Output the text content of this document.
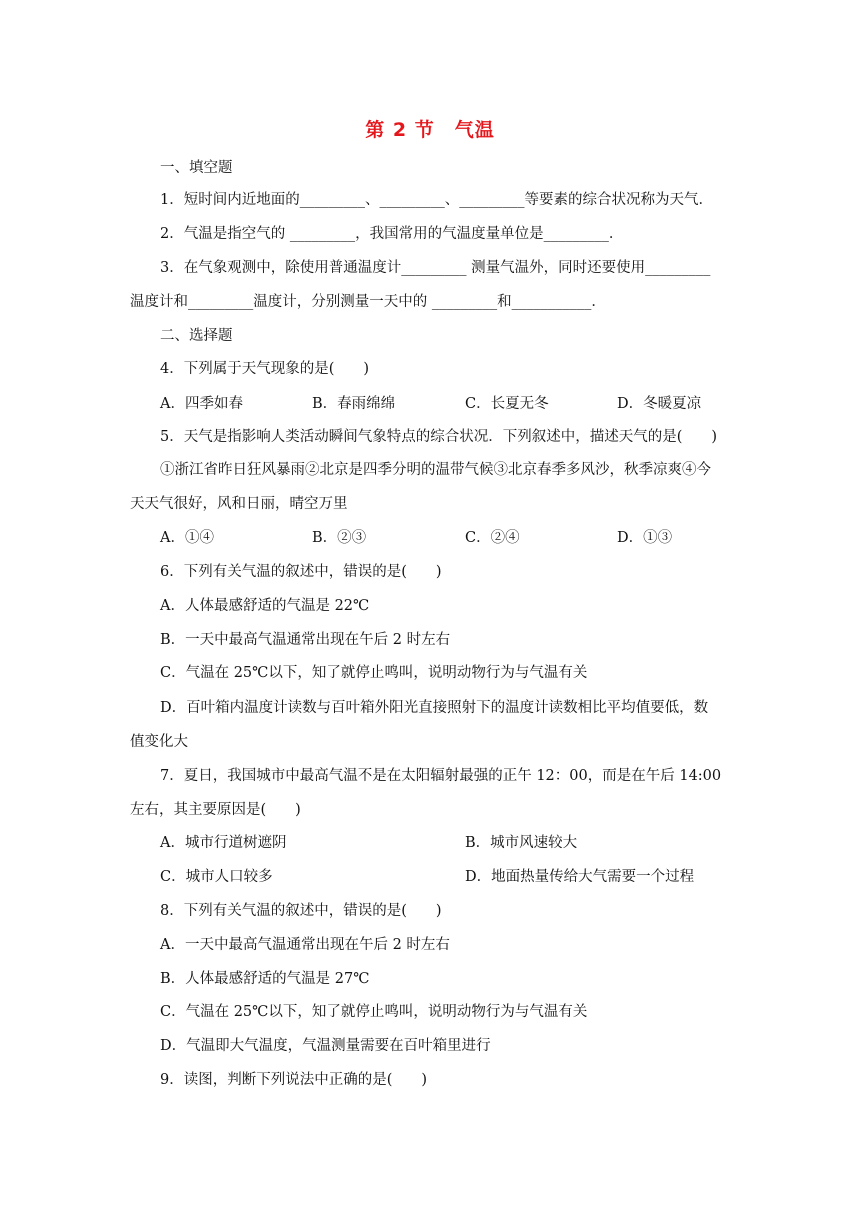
第 2 节　气温
一、填空题
1．短时间内近地面的_________、_________、_________等要素的综合状况称为天气．
2．气温是指空气的 _________，我国常用的气温度量单位是_________．
3．在气象观测中，除使用普通温度计_________ 测量气温外，同时还要使用_________
温度计和_________温度计，分别测量一天中的 _________和___________．
二、选择题
4．下列属于天气现象的是(　　)
A．四季如春	B．春雨绵绵	C．长夏无冬	D．冬暖夏凉
5．天气是指影响人类活动瞬间气象特点的综合状况．下列叙述中，描述天气的是(　　)
①浙江省昨日狂风暴雨②北京是四季分明的温带气候③北京春季多风沙，秋季凉爽④今
天天气很好，风和日丽，晴空万里
A．①④	B．②③	C．②④	D．①③
6．下列有关气温的叙述中，错误的是(　　)
A．人体最感舒适的气温是 22℃
B．一天中最高气温通常出现在午后 2 时左右
C．气温在 25℃以下，知了就停止鸣叫，说明动物行为与气温有关
D．百叶箱内温度计读数与百叶箱外阳光直接照射下的温度计读数相比平均值要低，数
值变化大
7．夏日，我国城市中最高气温不是在太阳辐射最强的正午 12：00，而是在午后 14:00
左右，其主要原因是(　　)
A．城市行道树遮阴	B．城市风速较大
C．城市人口较多	D．地面热量传给大气需要一个过程
8．下列有关气温的叙述中，错误的是(　　)
A．一天中最高气温通常出现在午后 2 时左右
B．人体最感舒适的气温是 27℃
C．气温在 25℃以下，知了就停止鸣叫，说明动物行为与气温有关
D．气温即大气温度，气温测量需要在百叶箱里进行
9．读图，判断下列说法中正确的是(　　)
